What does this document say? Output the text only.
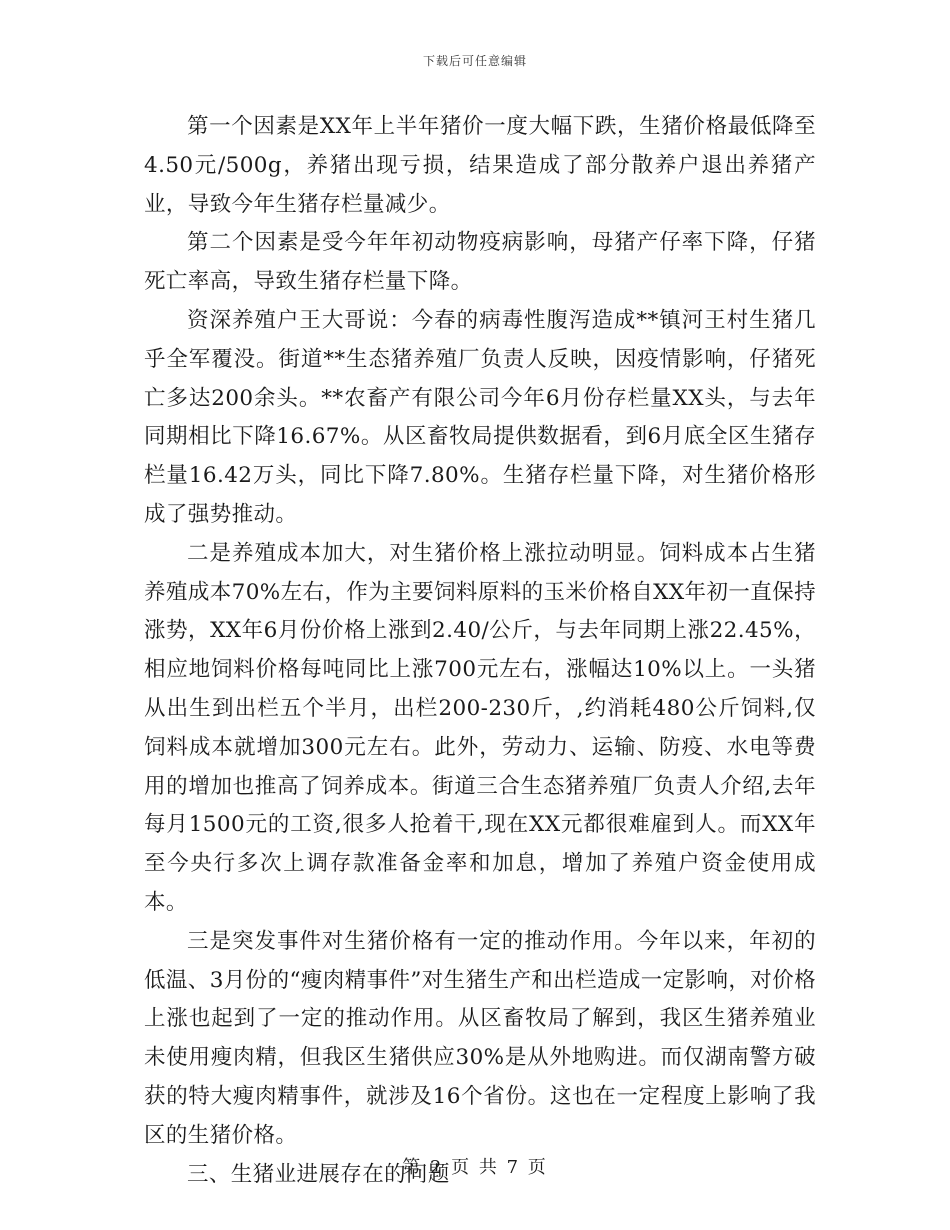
下载后可任意编辑

第一个因素是XX年上半年猪价一度大幅下跌，生猪价格最低降至4.50元/500g，养猪出现亏损，结果造成了部分散养户退出养猪产业，导致今年生猪存栏量减少。

第二个因素是受今年年初动物疫病影响，母猪产仔率下降，仔猪死亡率高，导致生猪存栏量下降。

资深养殖户王大哥说：今春的病毒性腹泻造成**镇河王村生猪几乎全军覆没。街道**生态猪养殖厂负责人反映，因疫情影响，仔猪死亡多达200余头。**农畜产有限公司今年6月份存栏量XX头，与去年同期相比下降16.67%。从区畜牧局提供数据看，到6月底全区生猪存栏量16.42万头，同比下降7.80%。生猪存栏量下降，对生猪价格形成了强势推动。

二是养殖成本加大，对生猪价格上涨拉动明显。饲料成本占生猪养殖成本70%左右，作为主要饲料原料的玉米价格自XX年初一直保持涨势，XX年6月份价格上涨到2.40/公斤，与去年同期上涨22.45%，相应地饲料价格每吨同比上涨700元左右，涨幅达10%以上。一头猪从出生到出栏五个半月，出栏200-230斤，,约消耗480公斤饲料,仅饲料成本就增加300元左右。此外，劳动力、运输、防疫、水电等费用的增加也推高了饲养成本。街道三合生态猪养殖厂负责人介绍,去年每月1500元的工资,很多人抢着干,现在XX元都很难雇到人。而XX年至今央行多次上调存款准备金率和加息，增加了养殖户资金使用成本。

三是突发事件对生猪价格有一定的推动作用。今年以来，年初的低温、3月份的“瘦肉精事件”对生猪生产和出栏造成一定影响，对价格上涨也起到了一定的推动作用。从区畜牧局了解到，我区生猪养殖业未使用瘦肉精，但我区生猪供应30%是从外地购进。而仅湖南警方破获的特大瘦肉精事件，就涉及16个省份。这也在一定程度上影响了我区的生猪价格。

三、生猪业进展存在的问题

第 2 页 共 7 页
